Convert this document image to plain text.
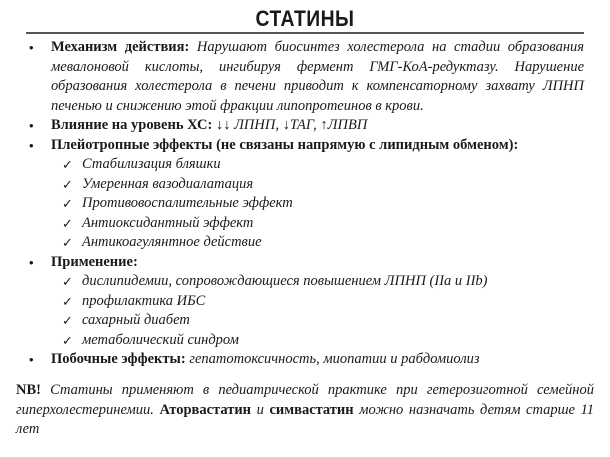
СТАТИНЫ
• Механизм действия: Нарушают биосинтез холестерола на стадии образования мевалоновой кислоты, ингибируя фермент ГМГ-КоА-редуктазу. Нарушение образования холестерола в печени приводит к компенсаторному захвату ЛПНП печенью и снижению этой фракции липопротеинов в крови.
• Влияние на уровень ХС: ↓↓ ЛПНП, ↓ТАГ, ↑ЛПВП
• Плейотропные эффекты (не связаны напрямую с липидным обменом):
✓ Стабилизация бляшки
✓ Умеренная вазодиалатация
✓ Противовоспалительные эффект
✓ Антиоксидантный эффект
✓ Антикоагулянтное действие
• Применение:
✓ дислипидемии, сопровождающиеся повышением ЛПНП (IIa и IIb)
✓ профилактика ИБС
✓ сахарный диабет
✓ метаболический синдром
• Побочные эффекты: гепатотоксичность, миопатии и рабдомиолиз
NB! Статины применяют в педиатрической практике при гетерозиготной семейной гиперхолестеринемии. Аторвастатин и симвастатин можно назначать детям старше 11 лет
